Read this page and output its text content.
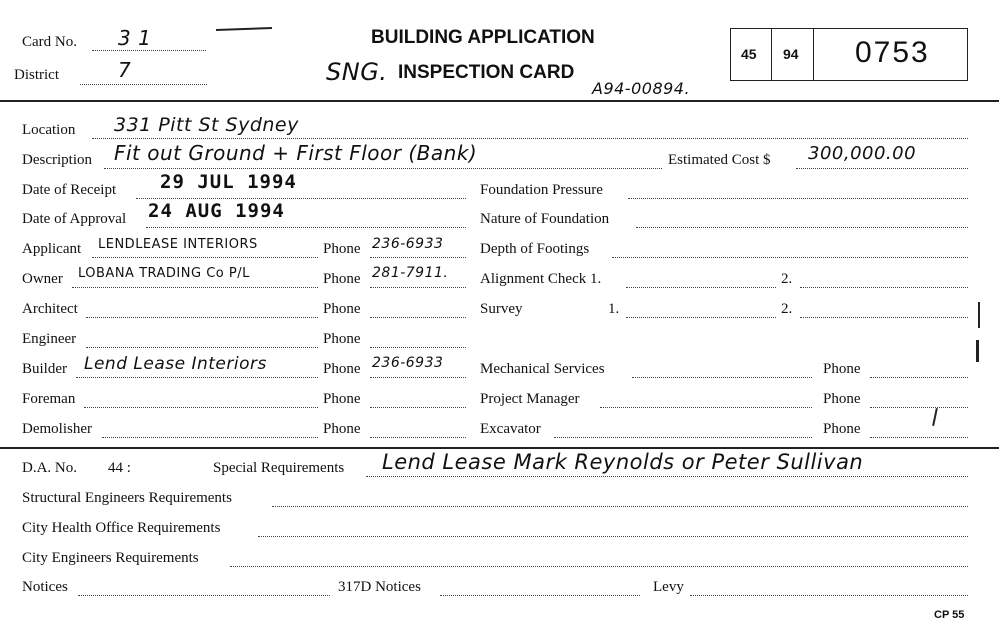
Card No. 3 1
District	7
BUILDING APPLICATION
INSPECTION CARD
SNG.
A94-00894.
45 94 0753
Location 331 Pitt St Sydney
Description Fit out Ground + First Floor (Bank)	Estimated Cost $ 300,000.00
Date of Receipt 29 JUL 1994
Date of Approval 24 AUG 1994
Applicant LENDLEASE INTERIORS	Phone 236-6933
Owner LOBANA TRADING Co P/L	Phone 281-7911.
Architect	Phone
Engineer	Phone
Builder Lend Lease Interiors	Phone 236-6933
Foreman	Phone
Demolisher	Phone
Foundation Pressure
Nature of Foundation
Depth of Footings
Alignment Check 1.	2.
Survey	1.	2.
Mechanical Services	Phone
Project Manager	Phone
Excavator	Phone
D.A. No. 44 :	Special Requirements Lend Lease Mark Reynolds or Peter Sullivan
Structural Engineers Requirements
City Health Office Requirements
City Engineers Requirements
Notices	317D Notices	Levy
CP 55
